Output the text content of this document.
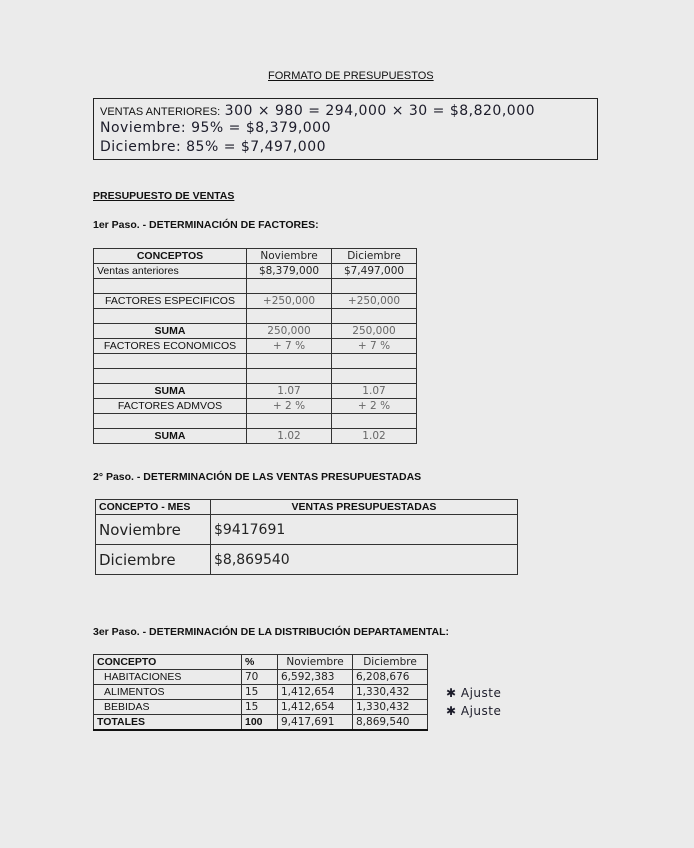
FORMATO DE PRESUPUESTOS
VENTAS ANTERIORES: 300 × 980 = 294,000 × 30 = $8,820,000
Noviembre: 95% = $8,379,000
Diciembre: 85% = $7,497,000
PRESUPUESTO DE VENTAS
1er Paso. - DETERMINACIÓN DE FACTORES:
CONCEPTOS	Noviembre	Diciembre
Ventas anteriores	$8,379,000	$7,497,000

FACTORES ESPECIFICOS	+250,000	+250,000

SUMA	250,000	250,000
FACTORES ECONOMICOS	+ 7 %	+ 7 %

SUMA	1.07	1.07
FACTORES ADMVOS	+ 2 %	+ 2 %

SUMA	1.02	1.02
2° Paso. - DETERMINACIÓN DE LAS VENTAS PRESUPUESTADAS
CONCEPTO - MES	VENTAS PRESUPUESTADAS
Noviembre	$9417691
Diciembre	$8,869540
3er Paso. - DETERMINACIÓN DE LA DISTRIBUCIÓN DEPARTAMENTAL:
CONCEPTO	%	Noviembre	Diciembre
HABITACIONES	70	6,592,383	6,208,676
ALIMENTOS	15	1,412,654	1,330,432
BEBIDAS	15	1,412,654	1,330,432
TOTALES	100	9,417,691	8,869,540
✱ Ajuste
✱ Ajuste
